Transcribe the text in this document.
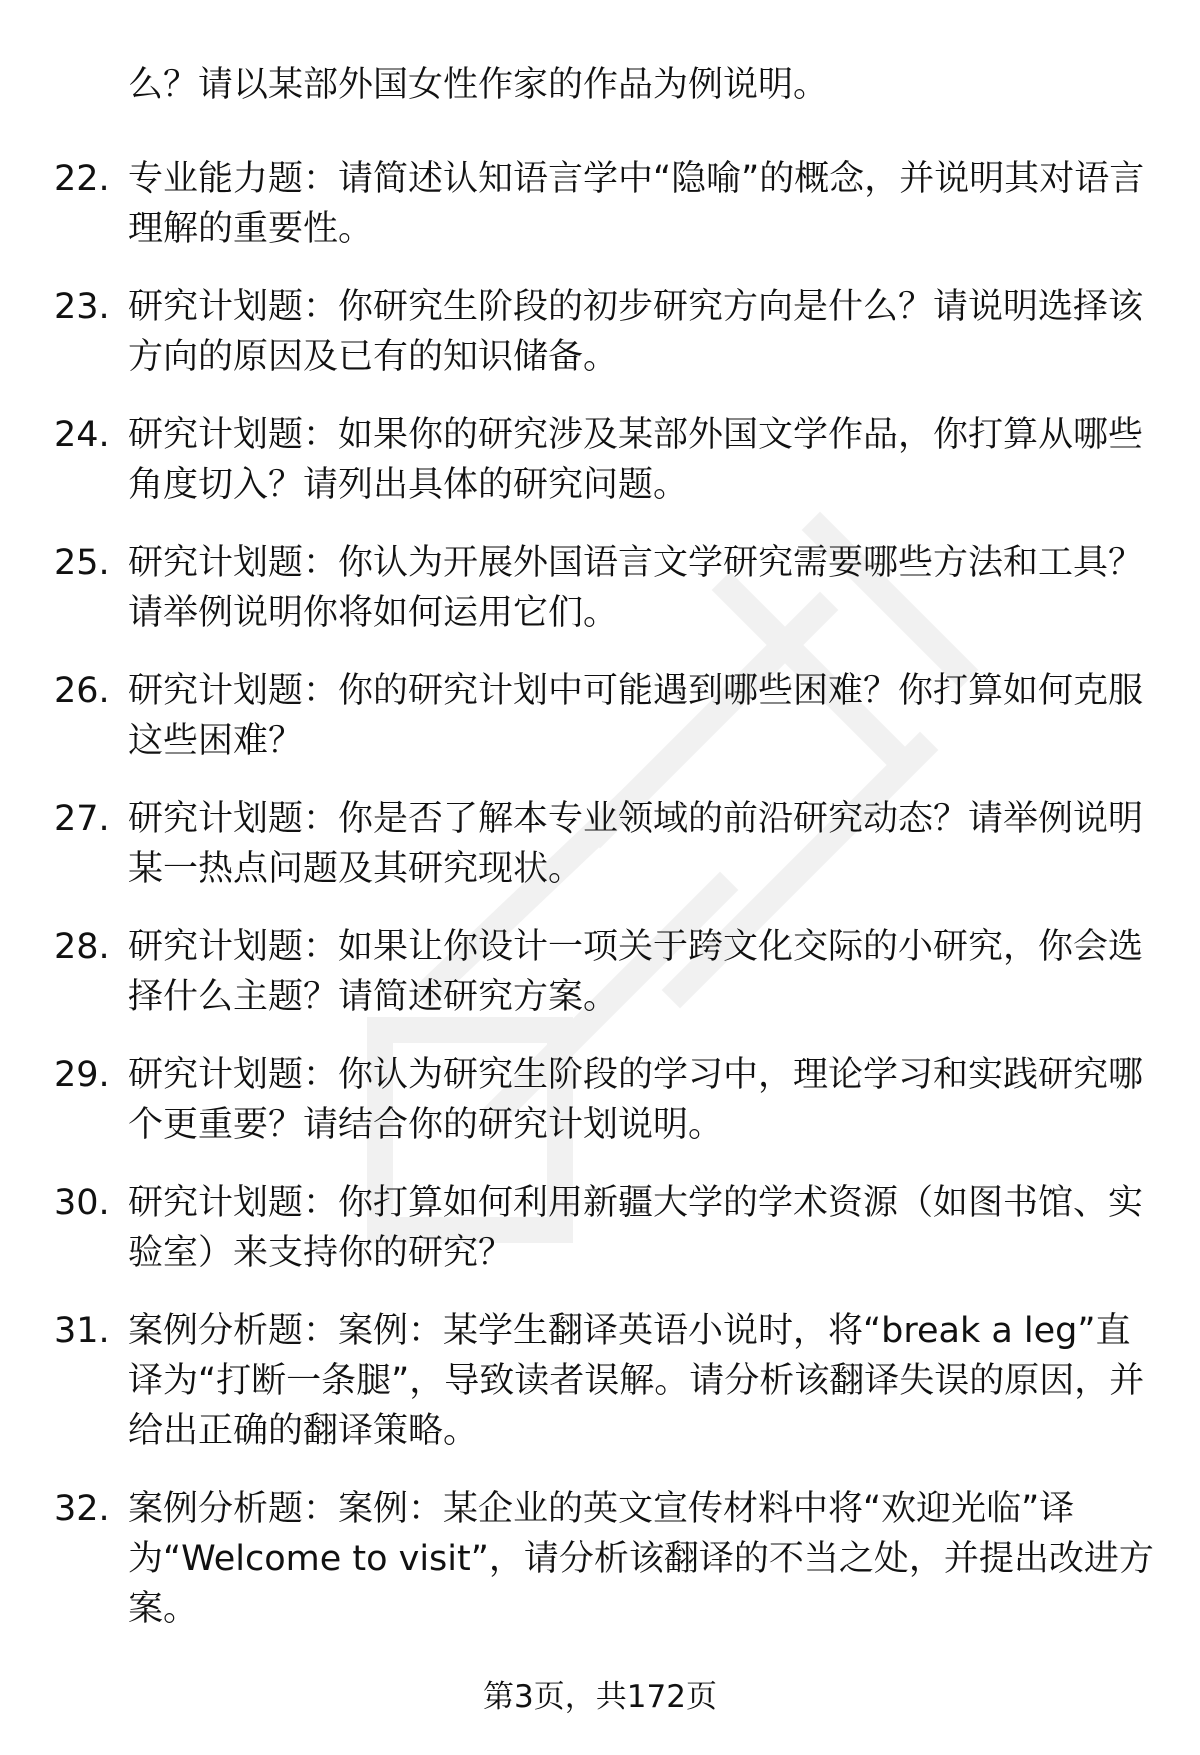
么？请以某部外国女性作家的作品为例说明。
22. 专业能力题：请简述认知语言学中“隐喻”的概念，并说明其对语言理解的重要性。
23. 研究计划题：你研究生阶段的初步研究方向是什么？请说明选择该方向的原因及已有的知识储备。
24. 研究计划题：如果你的研究涉及某部外国文学作品，你打算从哪些角度切入？请列出具体的研究问题。
25. 研究计划题：你认为开展外国语言文学研究需要哪些方法和工具？请举例说明你将如何运用它们。
26. 研究计划题：你的研究计划中可能遇到哪些困难？你打算如何克服这些困难？
27. 研究计划题：你是否了解本专业领域的前沿研究动态？请举例说明某一热点问题及其研究现状。
28. 研究计划题：如果让你设计一项关于跨文化交际的小研究，你会选择什么主题？请简述研究方案。
29. 研究计划题：你认为研究生阶段的学习中，理论学习和实践研究哪个更重要？请结合你的研究计划说明。
30. 研究计划题：你打算如何利用新疆大学的学术资源（如图书馆、实验室）来支持你的研究？
31. 案例分析题：案例：某学生翻译英语小说时，将“break a leg”直译为“打断一条腿”，导致读者误解。请分析该翻译失误的原因，并给出正确的翻译策略。
32. 案例分析题：案例：某企业的英文宣传材料中将“欢迎光临”译为“Welcome to visit”，请分析该翻译的不当之处，并提出改进方案。
第3页，共172页
